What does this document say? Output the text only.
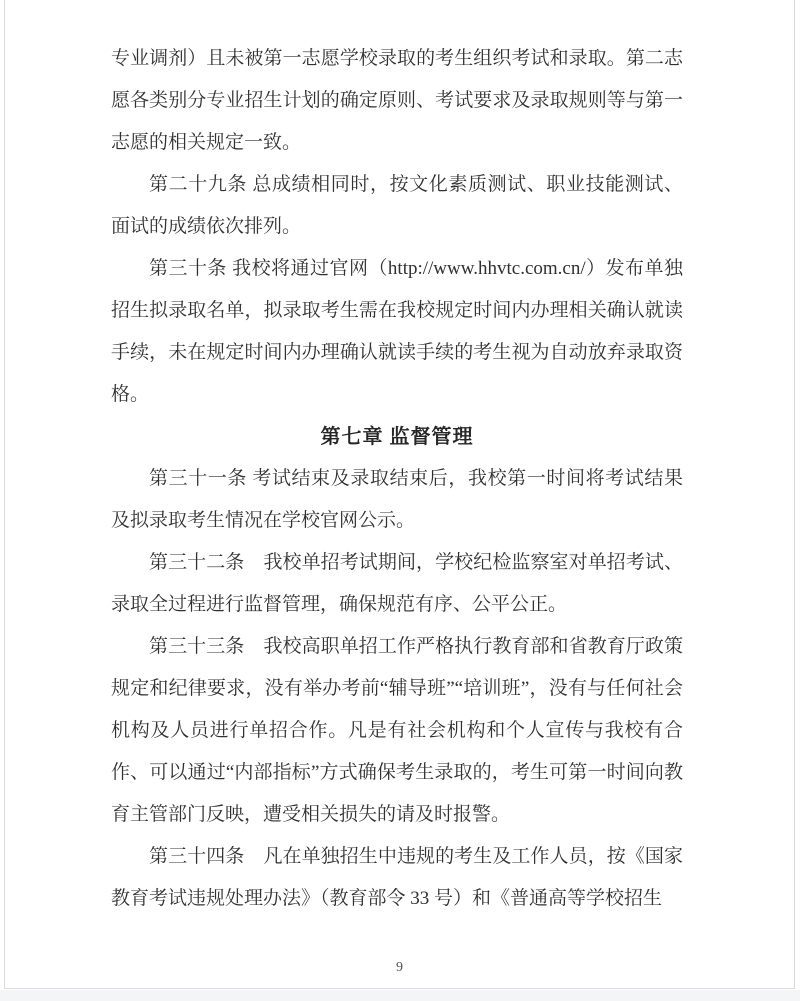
专业调剂）且未被第一志愿学校录取的考生组织考试和录取。第二志愿各类别分专业招生计划的确定原则、考试要求及录取规则等与第一志愿的相关规定一致。

第二十九条 总成绩相同时，按文化素质测试、职业技能测试、面试的成绩依次排列。

第三十条 我校将通过官网（http://www.hhvtc.com.cn/）发布单独招生拟录取名单，拟录取考生需在我校规定时间内办理相关确认就读手续，未在规定时间内办理确认就读手续的考生视为自动放弃录取资格。

第七章 监督管理

第三十一条 考试结束及录取结束后，我校第一时间将考试结果及拟录取考生情况在学校官网公示。

第三十二条　我校单招考试期间，学校纪检监察室对单招考试、录取全过程进行监督管理，确保规范有序、公平公正。

第三十三条　我校高职单招工作严格执行教育部和省教育厅政策规定和纪律要求，没有举办考前“辅导班”“培训班”，没有与任何社会机构及人员进行单招合作。凡是有社会机构和个人宣传与我校有合作、可以通过“内部指标”方式确保考生录取的，考生可第一时间向教育主管部门反映，遭受相关损失的请及时报警。

第三十四条　凡在单独招生中违规的考生及工作人员，按《国家教育考试违规处理办法》（教育部令 33 号）和《普通高等学校招生

9
